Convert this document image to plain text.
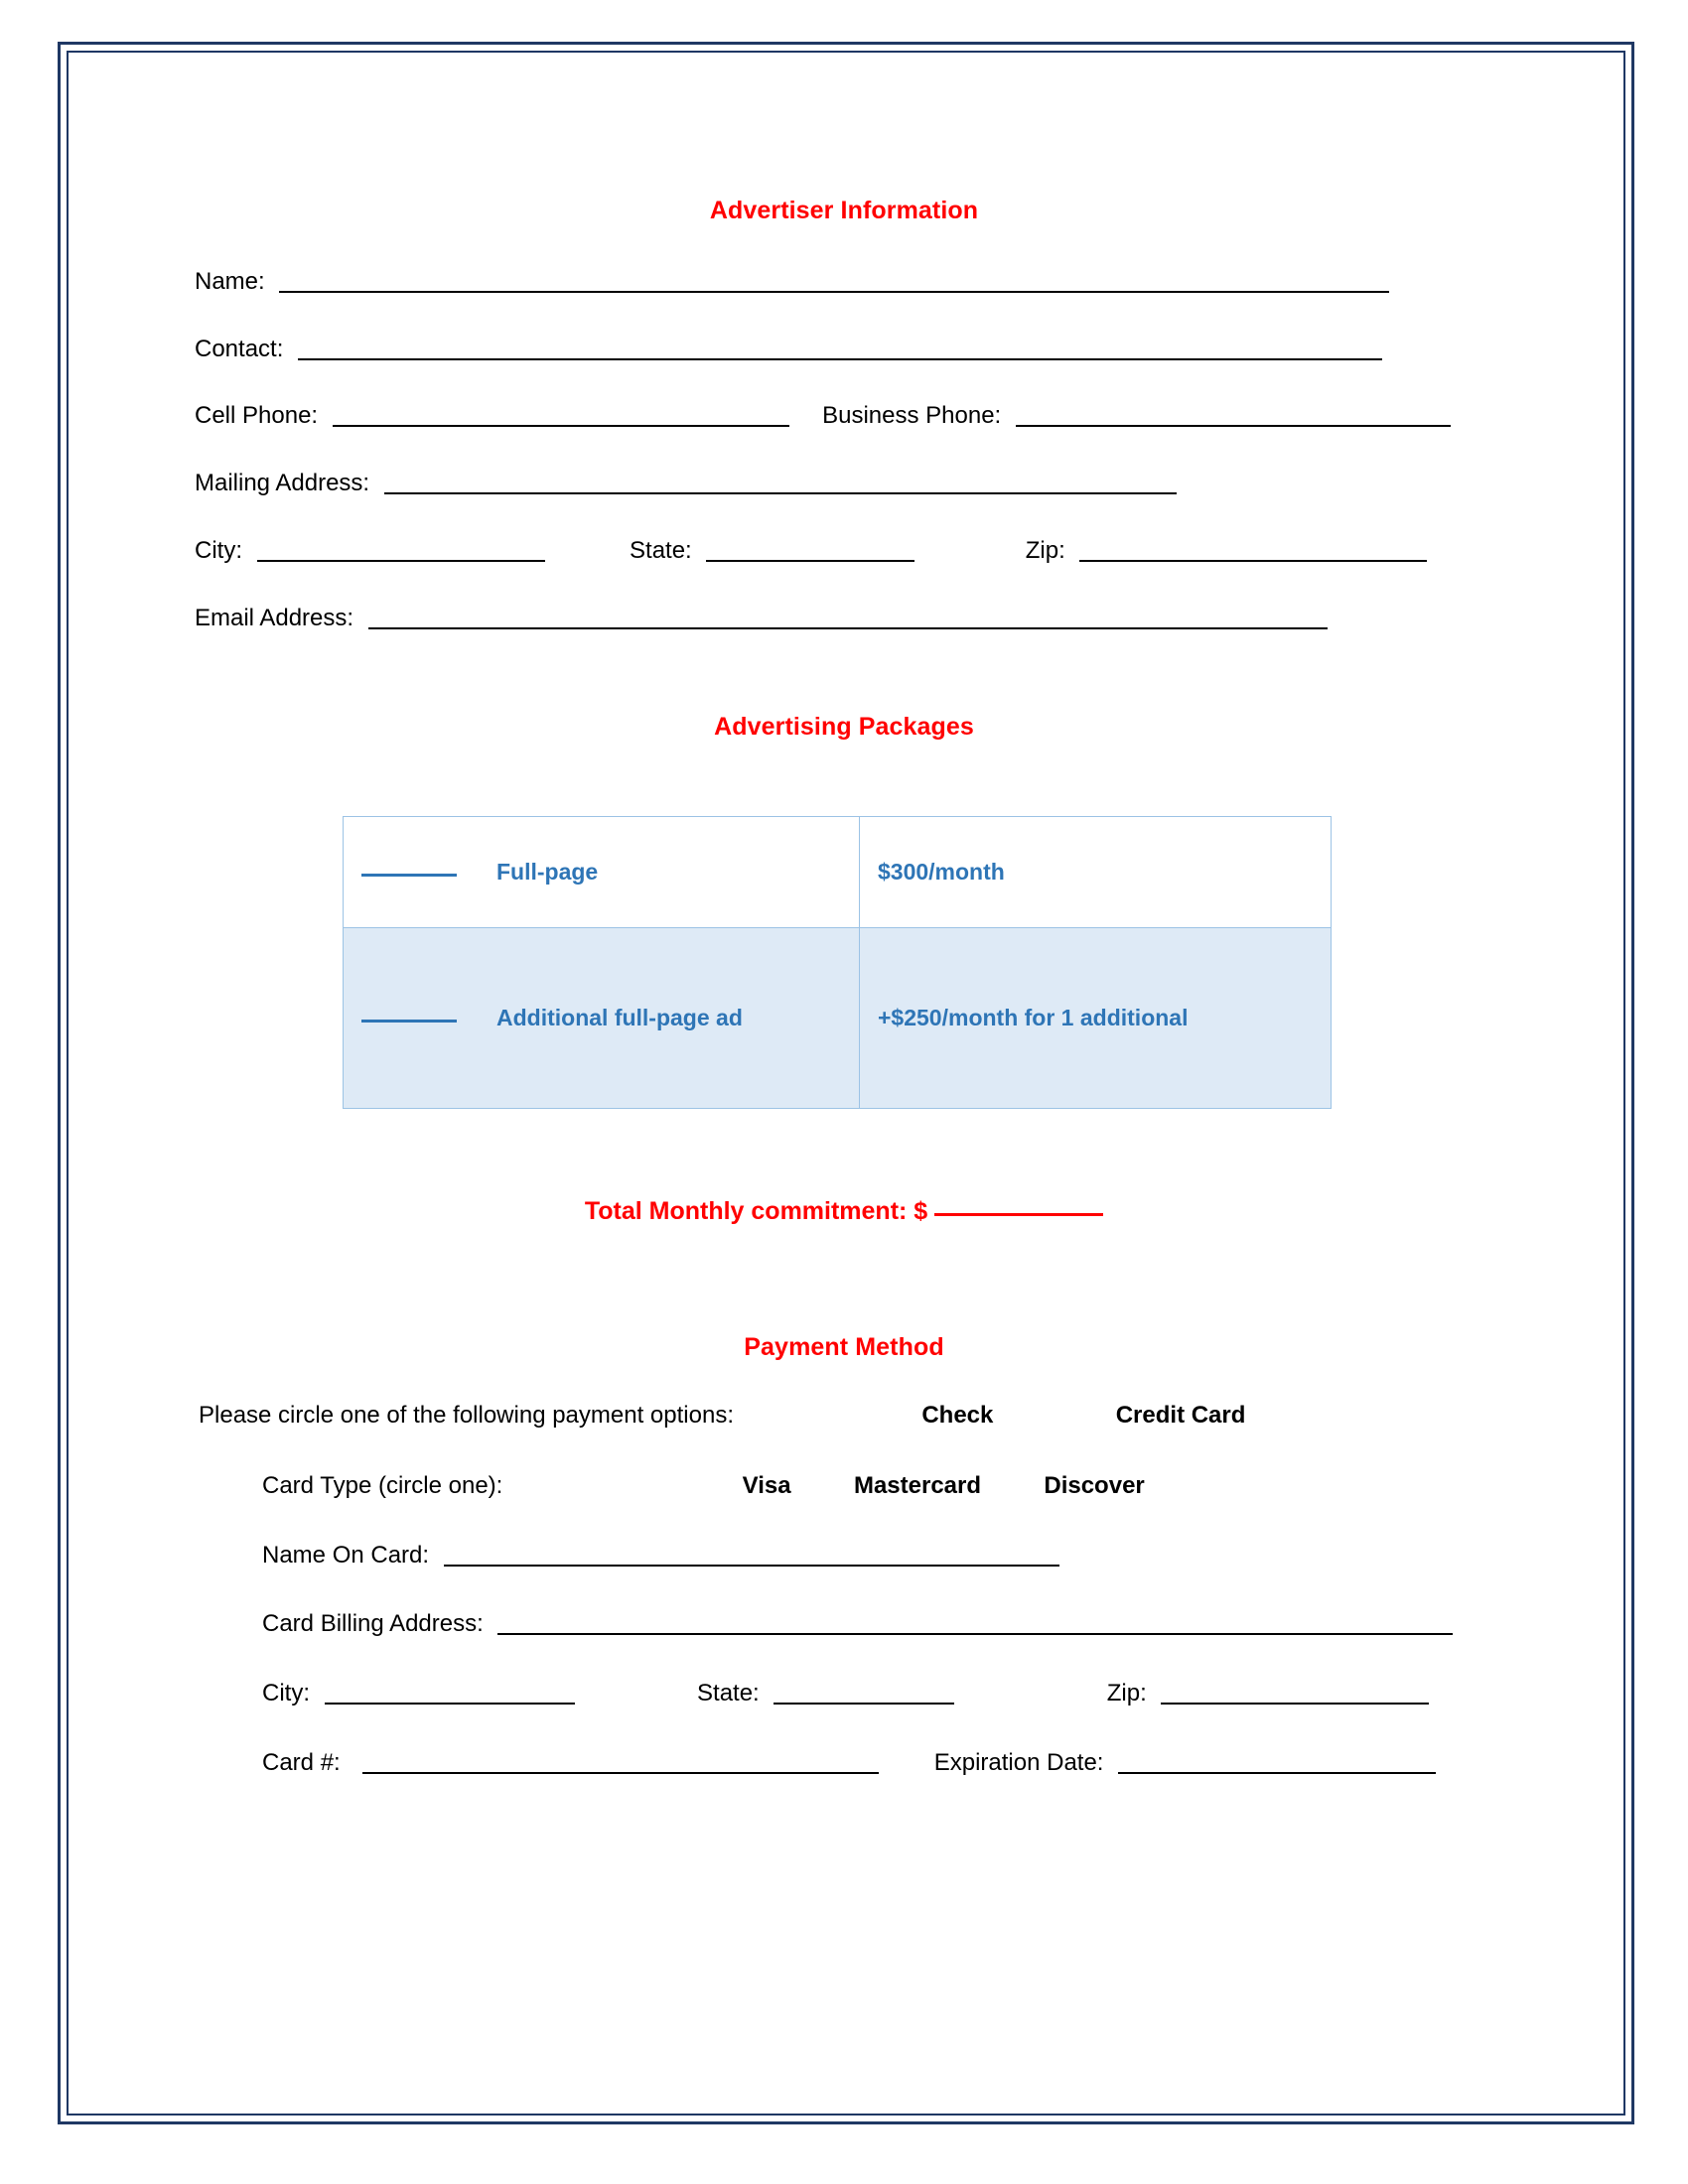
Advertiser Information
Name:
Contact:
Cell Phone:	Business Phone:
Mailing Address:
City:	State:	Zip:
Email Address:
Advertising Packages
Full-page	$300/month
Additional full-page ad	+$250/month for 1 additional
Total Monthly commitment: $
Payment Method
Please circle one of the following payment options:	Check	Credit Card
Card Type (circle one):	Visa	Mastercard	Discover
Name On Card:
Card Billing Address:
City:	State:	Zip:
Card #:	Expiration Date:
